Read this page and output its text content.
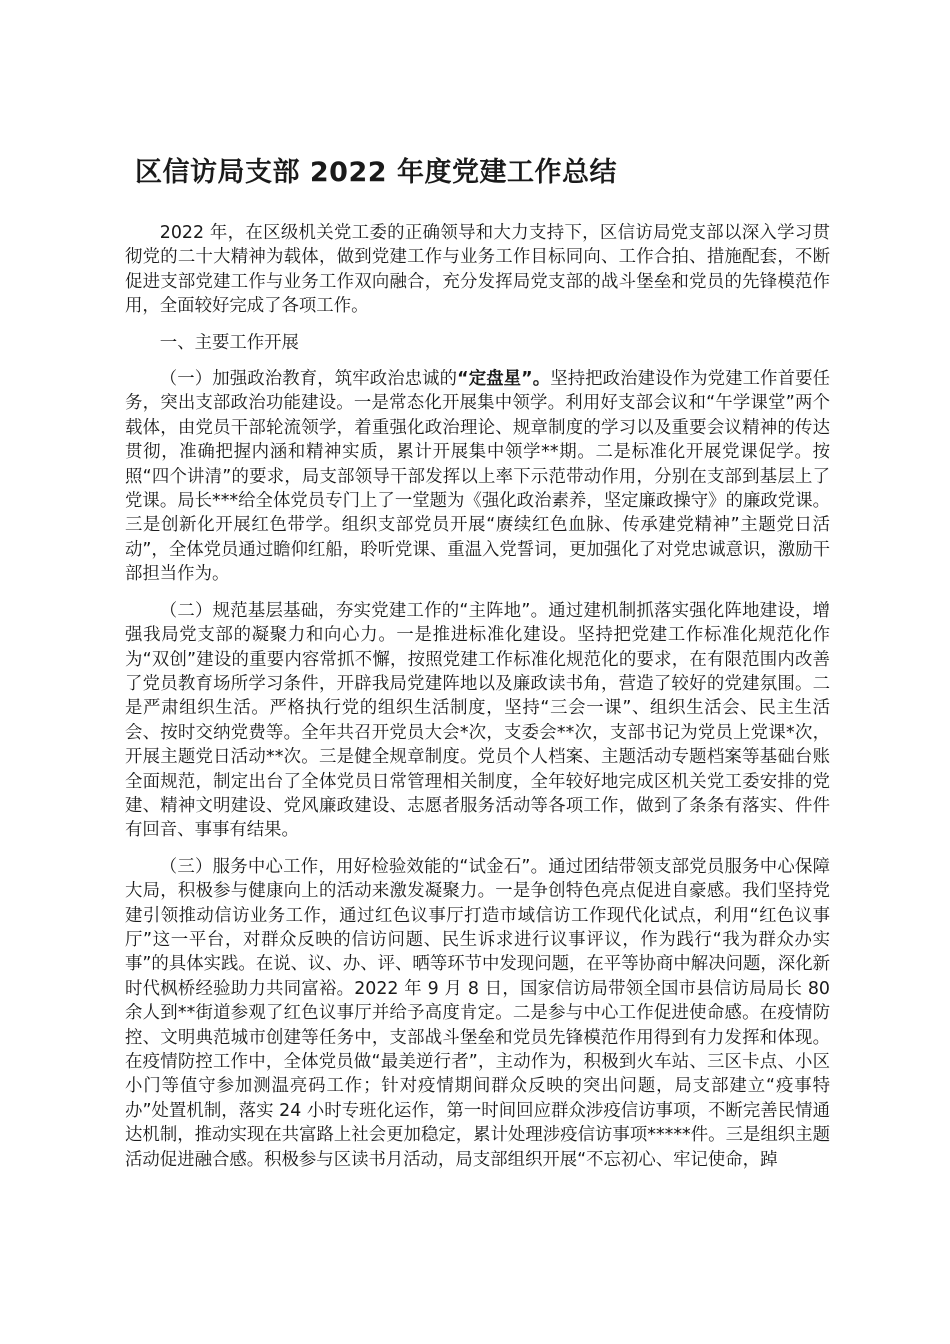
区信访局支部 2022 年度党建工作总结

2022 年，在区级机关党工委的正确领导和大力支持下，区信访局党支部以深入学习贯彻党的二十大精神为载体，做到党建工作与业务工作目标同向、工作合拍、措施配套，不断促进支部党建工作与业务工作双向融合，充分发挥局党支部的战斗堡垒和党员的先锋模范作用，全面较好完成了各项工作。

一、主要工作开展

（一）加强政治教育，筑牢政治忠诚的“定盘星”。坚持把政治建设作为党建工作首要任务，突出支部政治功能建设。一是常态化开展集中领学。利用好支部会议和“午学课堂”两个载体，由党员干部轮流领学，着重强化政治理论、规章制度的学习以及重要会议精神的传达贯彻，准确把握内涵和精神实质，累计开展集中领学**期。二是标准化开展党课促学。按照“四个讲清”的要求，局支部领导干部发挥以上率下示范带动作用，分别在支部到基层上了党课。局长***给全体党员专门上了一堂题为《强化政治素养，坚定廉政操守》的廉政党课。三是创新化开展红色带学。组织支部党员开展“赓续红色血脉、传承建党精神”主题党日活动”，全体党员通过瞻仰红船，聆听党课、重温入党誓词，更加强化了对党忠诚意识，激励干部担当作为。

（二）规范基层基础，夯实党建工作的“主阵地”。通过建机制抓落实强化阵地建设，增强我局党支部的凝聚力和向心力。一是推进标准化建设。坚持把党建工作标准化规范化作为“双创”建设的重要内容常抓不懈，按照党建工作标准化规范化的要求，在有限范围内改善了党员教育场所学习条件，开辟我局党建阵地以及廉政读书角，营造了较好的党建氛围。二是严肃组织生活。严格执行党的组织生活制度，坚持“三会一课”、组织生活会、民主生活会、按时交纳党费等。全年共召开党员大会*次，支委会**次，支部书记为党员上党课*次，开展主题党日活动**次。三是健全规章制度。党员个人档案、主题活动专题档案等基础台账全面规范，制定出台了全体党员日常管理相关制度，全年较好地完成区机关党工委安排的党建、精神文明建设、党风廉政建设、志愿者服务活动等各项工作，做到了条条有落实、件件有回音、事事有结果。

（三）服务中心工作，用好检验效能的“试金石”。通过团结带领支部党员服务中心保障大局，积极参与健康向上的活动来激发凝聚力。一是争创特色亮点促进自豪感。我们坚持党建引领推动信访业务工作，通过红色议事厅打造市域信访工作现代化试点，利用“红色议事厅”这一平台，对群众反映的信访问题、民生诉求进行议事评议，作为践行“我为群众办实事”的具体实践。在说、议、办、评、晒等环节中发现问题，在平等协商中解决问题，深化新时代枫桥经验助力共同富裕。2022 年 9 月 8 日，国家信访局带领全国市县信访局局长 80 余人到**街道参观了红色议事厅并给予高度肯定。二是参与中心工作促进使命感。在疫情防控、文明典范城市创建等任务中，支部战斗堡垒和党员先锋模范作用得到有力发挥和体现。在疫情防控工作中，全体党员做“最美逆行者”，主动作为，积极到火车站、三区卡点、小区小门等值守参加测温亮码工作；针对疫情期间群众反映的突出问题，局支部建立“疫事特办”处置机制，落实 24 小时专班化运作，第一时间回应群众涉疫信访事项，不断完善民情通达机制，推动实现在共富路上社会更加稳定，累计处理涉疫信访事项*****件。三是组织主题活动促进融合感。积极参与区读书月活动，局支部组织开展“不忘初心、牢记使命，踔
